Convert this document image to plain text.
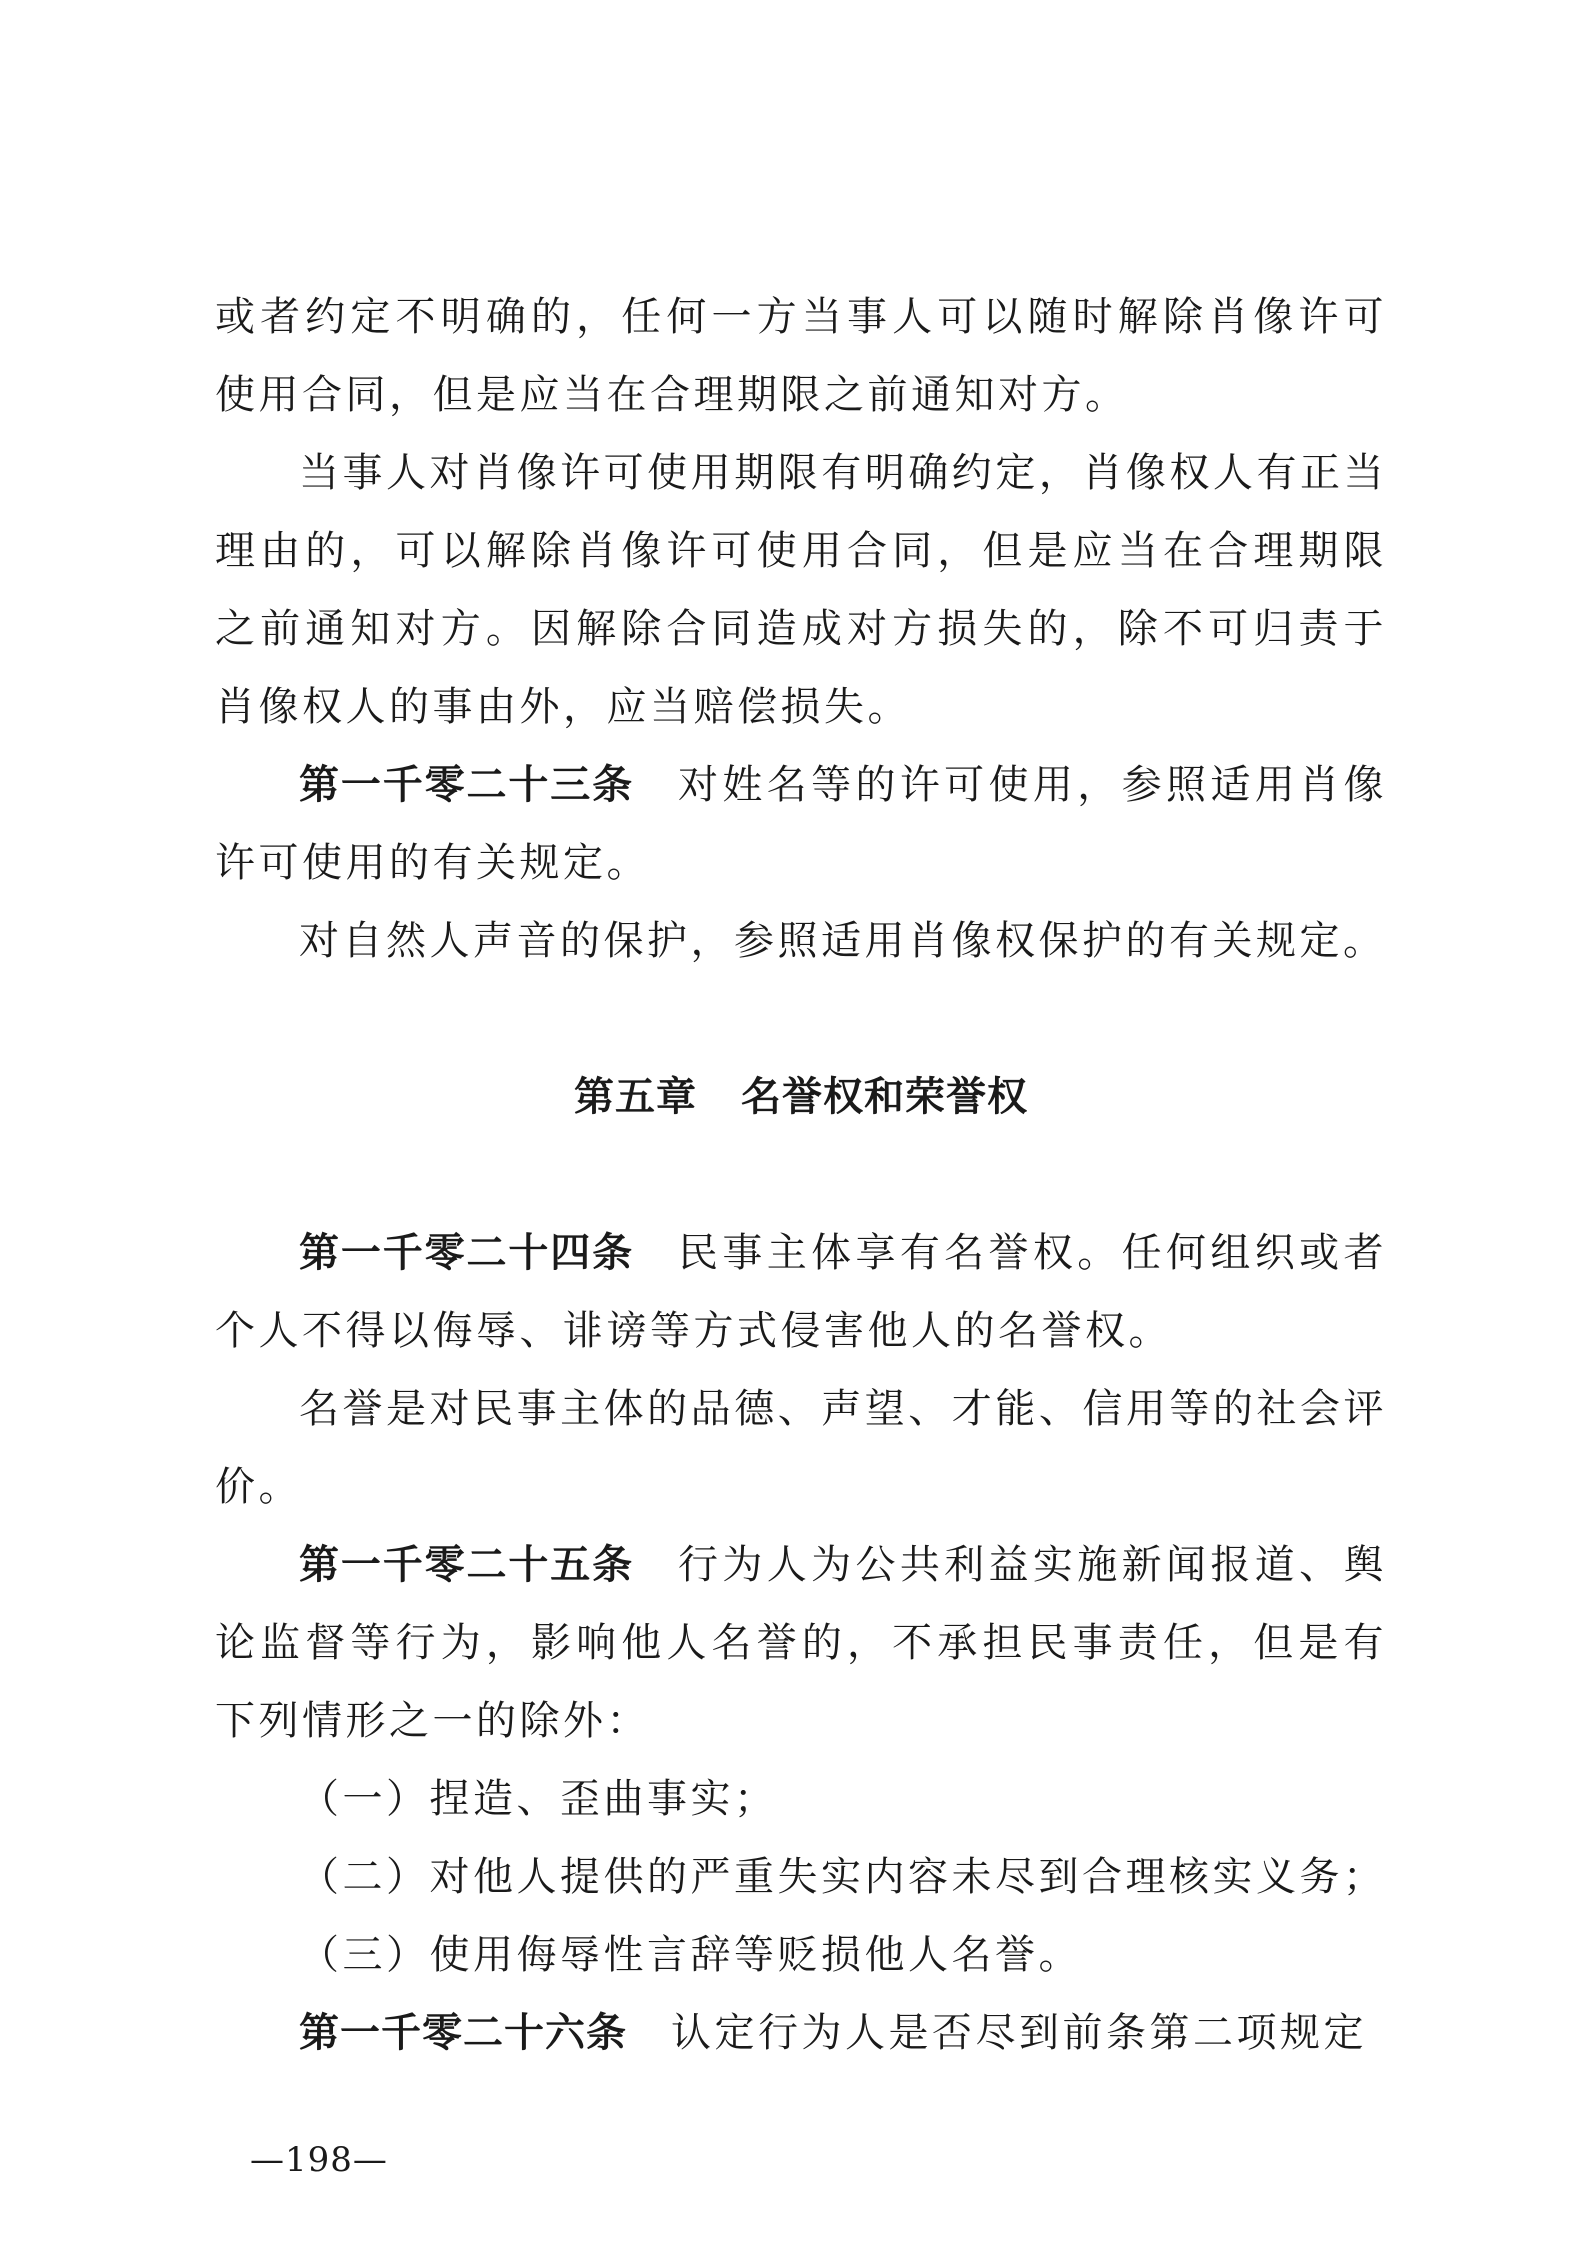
或者约定不明确的，任何一方当事人可以随时解除肖像许可使用合同，但是应当在合理期限之前通知对方。

当事人对肖像许可使用期限有明确约定，肖像权人有正当理由的，可以解除肖像许可使用合同，但是应当在合理期限之前通知对方。因解除合同造成对方损失的，除不可归责于肖像权人的事由外，应当赔偿损失。

第一千零二十三条 对姓名等的许可使用，参照适用肖像许可使用的有关规定。

对自然人声音的保护，参照适用肖像权保护的有关规定。

第五章 名誉权和荣誉权

第一千零二十四条 民事主体享有名誉权。任何组织或者个人不得以侮辱、诽谤等方式侵害他人的名誉权。

名誉是对民事主体的品德、声望、才能、信用等的社会评价。

第一千零二十五条 行为人为公共利益实施新闻报道、舆论监督等行为，影响他人名誉的，不承担民事责任，但是有下列情形之一的除外：

（一）捏造、歪曲事实；

（二）对他人提供的严重失实内容未尽到合理核实义务；

（三）使用侮辱性言辞等贬损他人名誉。

第一千零二十六条 认定行为人是否尽到前条第二项规定

—198—
